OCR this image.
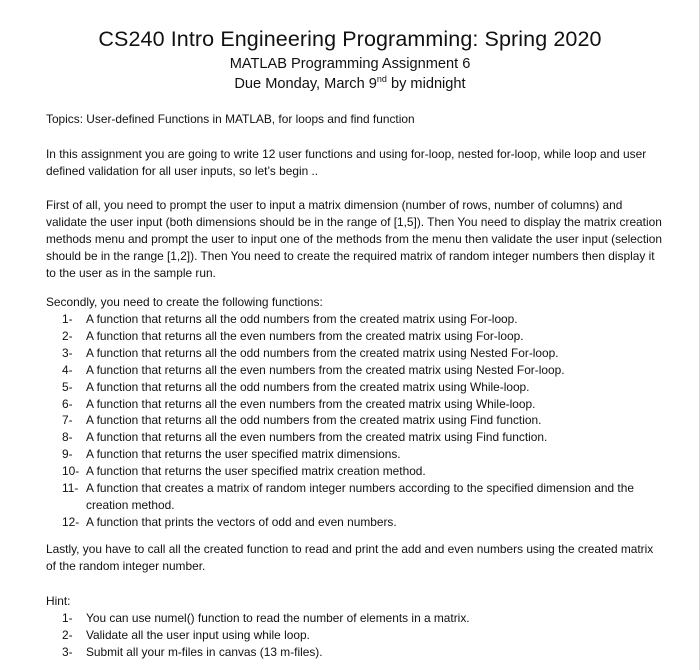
CS240 Intro Engineering Programming: Spring 2020
MATLAB Programming Assignment 6
Due Monday, March 9nd by midnight

Topics: User-defined Functions in MATLAB, for loops and find function

In this assignment you are going to write 12 user functions and using for-loop, nested for-loop, while loop and user defined validation for all user inputs, so let’s begin ..

First of all, you need to prompt the user to input a matrix dimension (number of rows, number of columns) and validate the user input (both dimensions should be in the range of [1,5]). Then You need to display the matrix creation methods menu and prompt the user to input one of the methods from the menu then validate the user input (selection should be in the range [1,2]). Then You need to create the required matrix of random integer numbers then display it to the user as in the sample run.

Secondly, you need to create the following functions:
1-	A function that returns all the odd numbers from the created matrix using For-loop.
2-	A function that returns all the even numbers from the created matrix using For-loop.
3-	A function that returns all the odd numbers from the created matrix using Nested For-loop.
4-	A function that returns all the even numbers from the created matrix using Nested For-loop.
5-	A function that returns all the odd numbers from the created matrix using While-loop.
6-	A function that returns all the even numbers from the created matrix using While-loop.
7-	A function that returns all the odd numbers from the created matrix using Find function.
8-	A function that returns all the even numbers from the created matrix using Find function.
9-	A function that returns the user specified matrix dimensions.
10- A function that returns the user specified matrix creation method.
11- A function that creates a matrix of random integer numbers according to the specified dimension and the creation method.
12- A function that prints the vectors of odd and even numbers.

Lastly, you have to call all the created function to read and print the add and even numbers using the created matrix of the random integer number.

Hint:
1-	You can use numel() function to read the number of elements in a matrix.
2-	Validate all the user input using while loop.
3-	Submit all your m-files in canvas (13 m-files).
